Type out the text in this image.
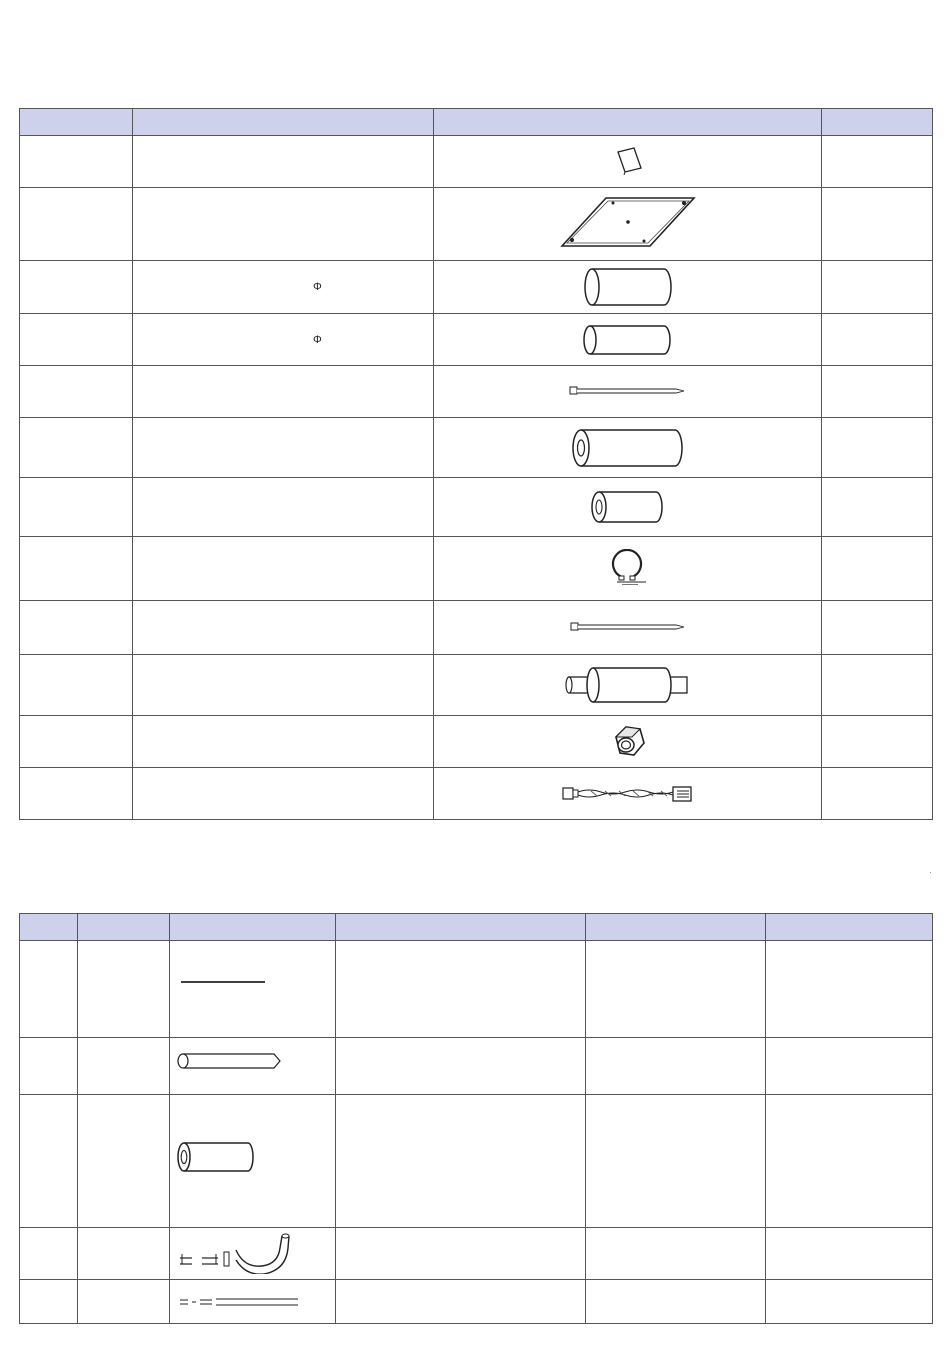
	Φ

	Φ
